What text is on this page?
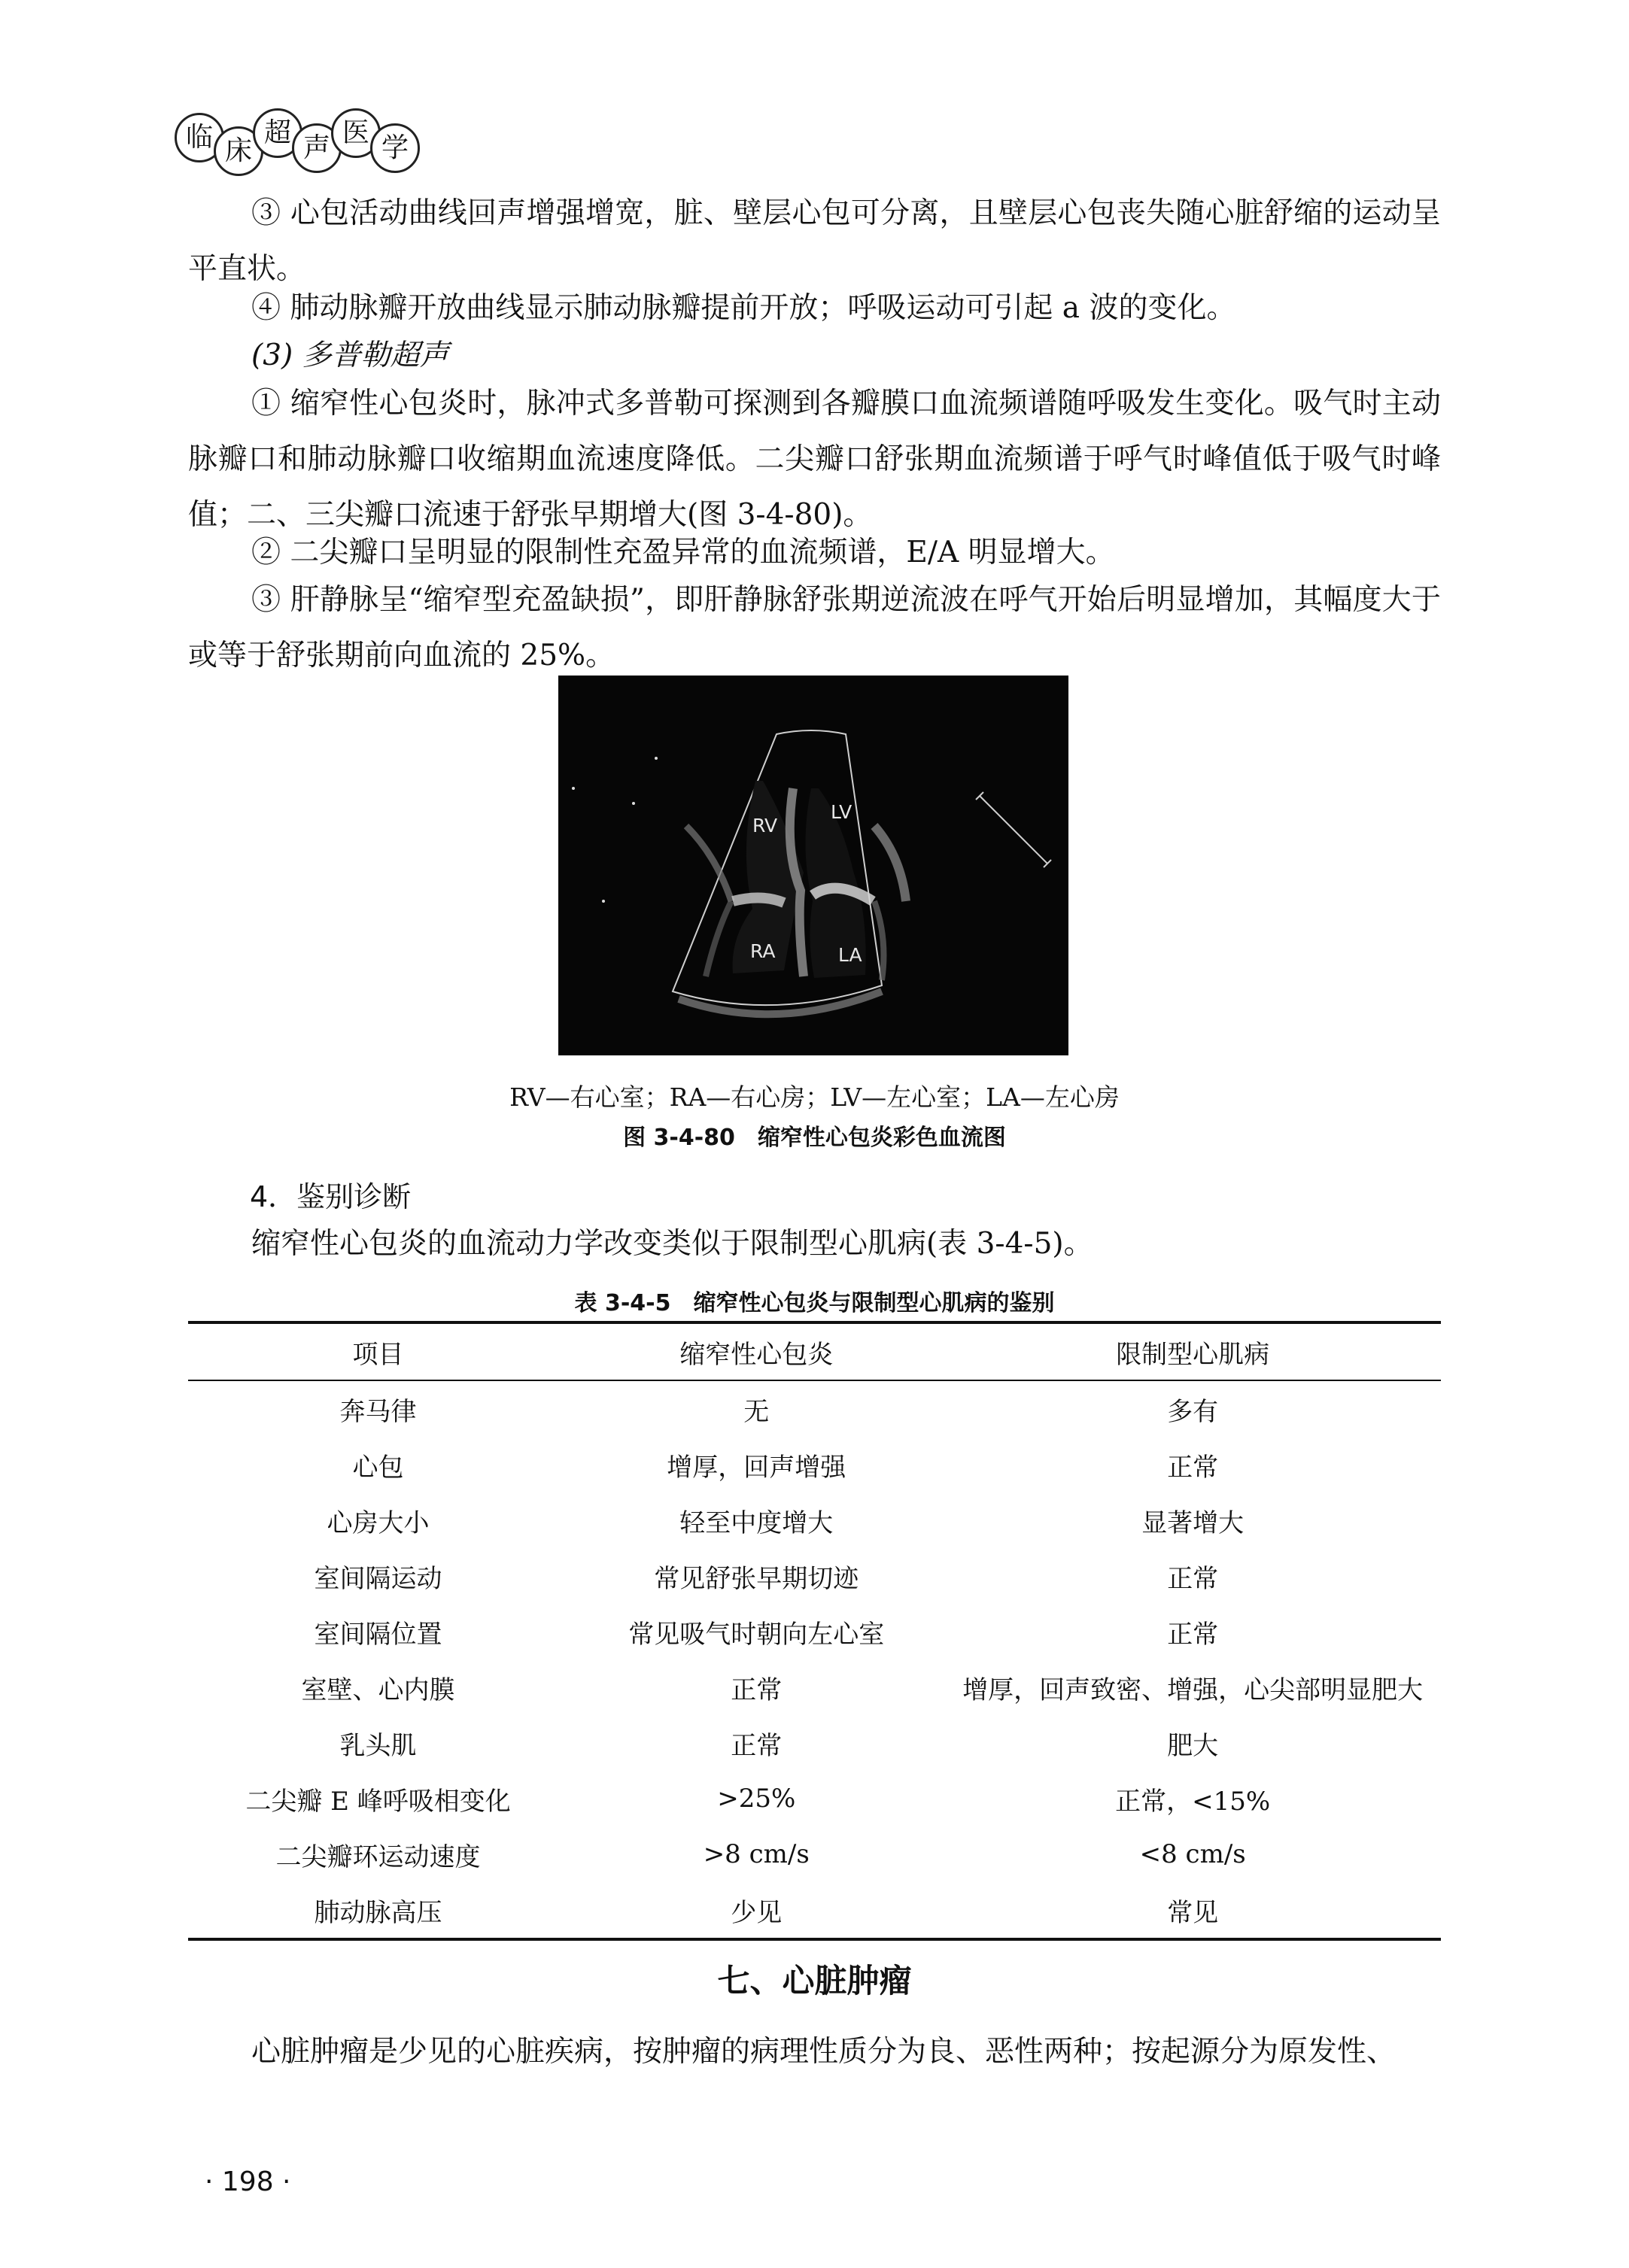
临 床
超 声 医 学

③ 心包活动曲线回声增强增宽，脏、壁层心包可分离，且壁层心包丧失随心脏舒缩的运动呈平直状。

④ 肺动脉瓣开放曲线显示肺动脉瓣提前开放；呼吸运动可引起 a 波的变化。

(3) 多普勒超声

① 缩窄性心包炎时，脉冲式多普勒可探测到各瓣膜口血流频谱随呼吸发生变化。吸气时主动脉瓣口和肺动脉瓣口收缩期血流速度降低。二尖瓣口舒张期血流频谱于呼气时峰值低于吸气时峰值；二、三尖瓣口流速于舒张早期增大(图 3-4-80)。

② 二尖瓣口呈明显的限制性充盈异常的血流频谱，E/A 明显增大。

③ 肝静脉呈“缩窄型充盈缺损”，即肝静脉舒张期逆流波在呼气开始后明显增加，其幅度大于或等于舒张期前向血流的 25%。

RV
LV
RA	LA
RV—右心室；RA—右心房；LV—左心室；LA—左心房
图 3-4-80　缩窄性心包炎彩色血流图
4．鉴别诊断

缩窄性心包炎的血流动力学改变类似于限制型心肌病(表 3-4-5)。

表 3-4-5　缩窄性心包炎与限制型心肌病的鉴别
项目	缩窄性心包炎	限制型心肌病
奔马律	无	多有
心包	增厚，回声增强	正常
心房大小	轻至中度增大	显著增大
室间隔运动	常见舒张早期切迹	正常
室间隔位置	常见吸气时朝向左心室	正常
室壁、心内膜	正常	增厚，回声致密、增强，心尖部明显肥大
乳头肌	正常	肥大
二尖瓣 E 峰呼吸相变化	>25%	正常，<15%
二尖瓣环运动速度	>8 cm/s	<8 cm/s
肺动脉高压	少见	常见
七、心脏肿瘤

心脏肿瘤是少见的心脏疾病，按肿瘤的病理性质分为良、恶性两种；按起源分为原发性、

· 198 ·
